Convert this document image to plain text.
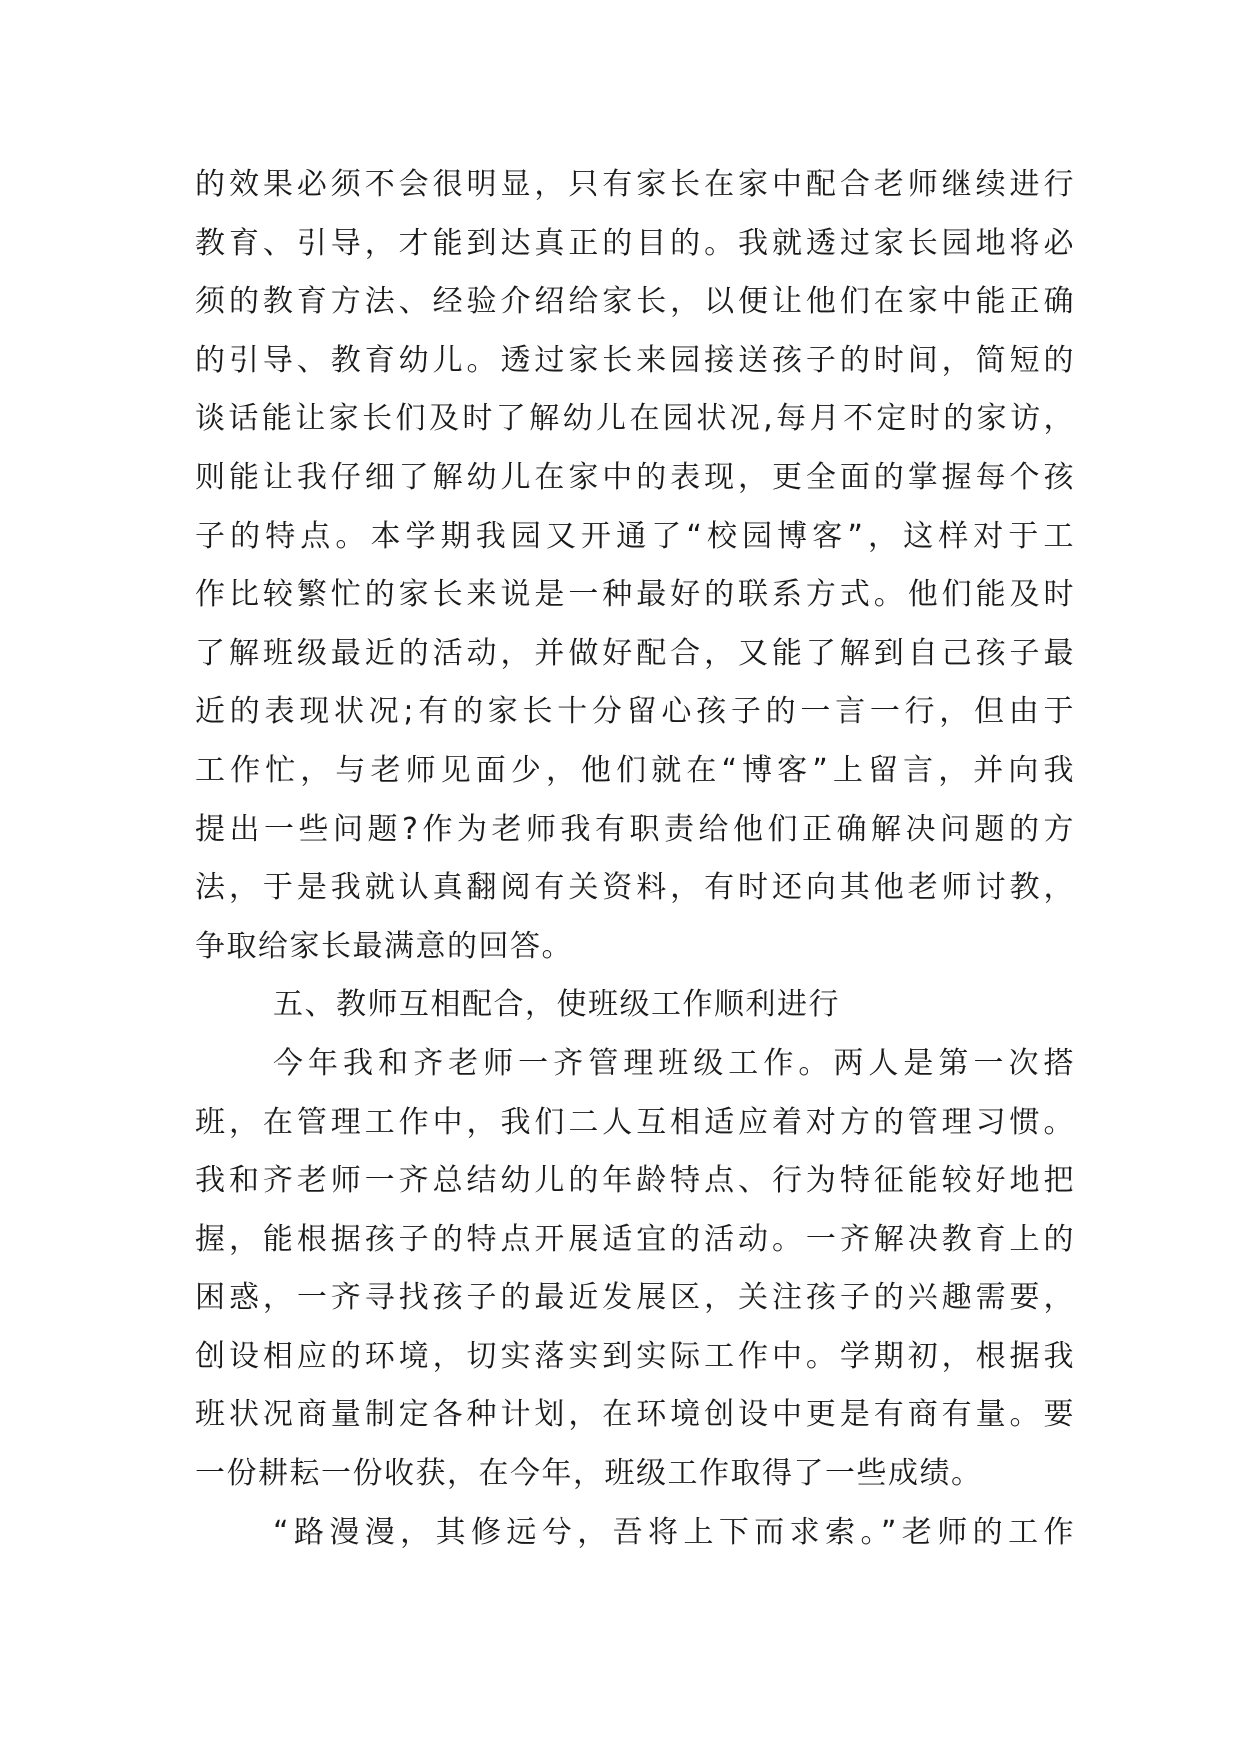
的效果必须不会很明显，只有家长在家中配合老师继续进行
教育、引导，才能到达真正的目的。我就透过家长园地将必
须的教育方法、经验介绍给家长，以便让他们在家中能正确
的引导、教育幼儿。透过家长来园接送孩子的时间，简短的
谈话能让家长们及时了解幼儿在园状况,每月不定时的家访，
则能让我仔细了解幼儿在家中的表现，更全面的掌握每个孩
子的特点。本学期我园又开通了“校园博客”，这样对于工
作比较繁忙的家长来说是一种最好的联系方式。他们能及时
了解班级最近的活动，并做好配合，又能了解到自己孩子最
近的表现状况;有的家长十分留心孩子的一言一行，但由于
工作忙，与老师见面少，他们就在“博客”上留言，并向我
提出一些问题?作为老师我有职责给他们正确解决问题的方
法，于是我就认真翻阅有关资料，有时还向其他老师讨教，
争取给家长最满意的回答。
五、教师互相配合，使班级工作顺利进行
今年我和齐老师一齐管理班级工作。两人是第一次搭
班，在管理工作中，我们二人互相适应着对方的管理习惯。
我和齐老师一齐总结幼儿的年龄特点、行为特征能较好地把
握，能根据孩子的特点开展适宜的活动。一齐解决教育上的
困惑，一齐寻找孩子的最近发展区，关注孩子的兴趣需要，
创设相应的环境，切实落实到实际工作中。学期初，根据我
班状况商量制定各种计划，在环境创设中更是有商有量。要
一份耕耘一份收获，在今年，班级工作取得了一些成绩。
“路漫漫，其修远兮，吾将上下而求索。”老师的工作
